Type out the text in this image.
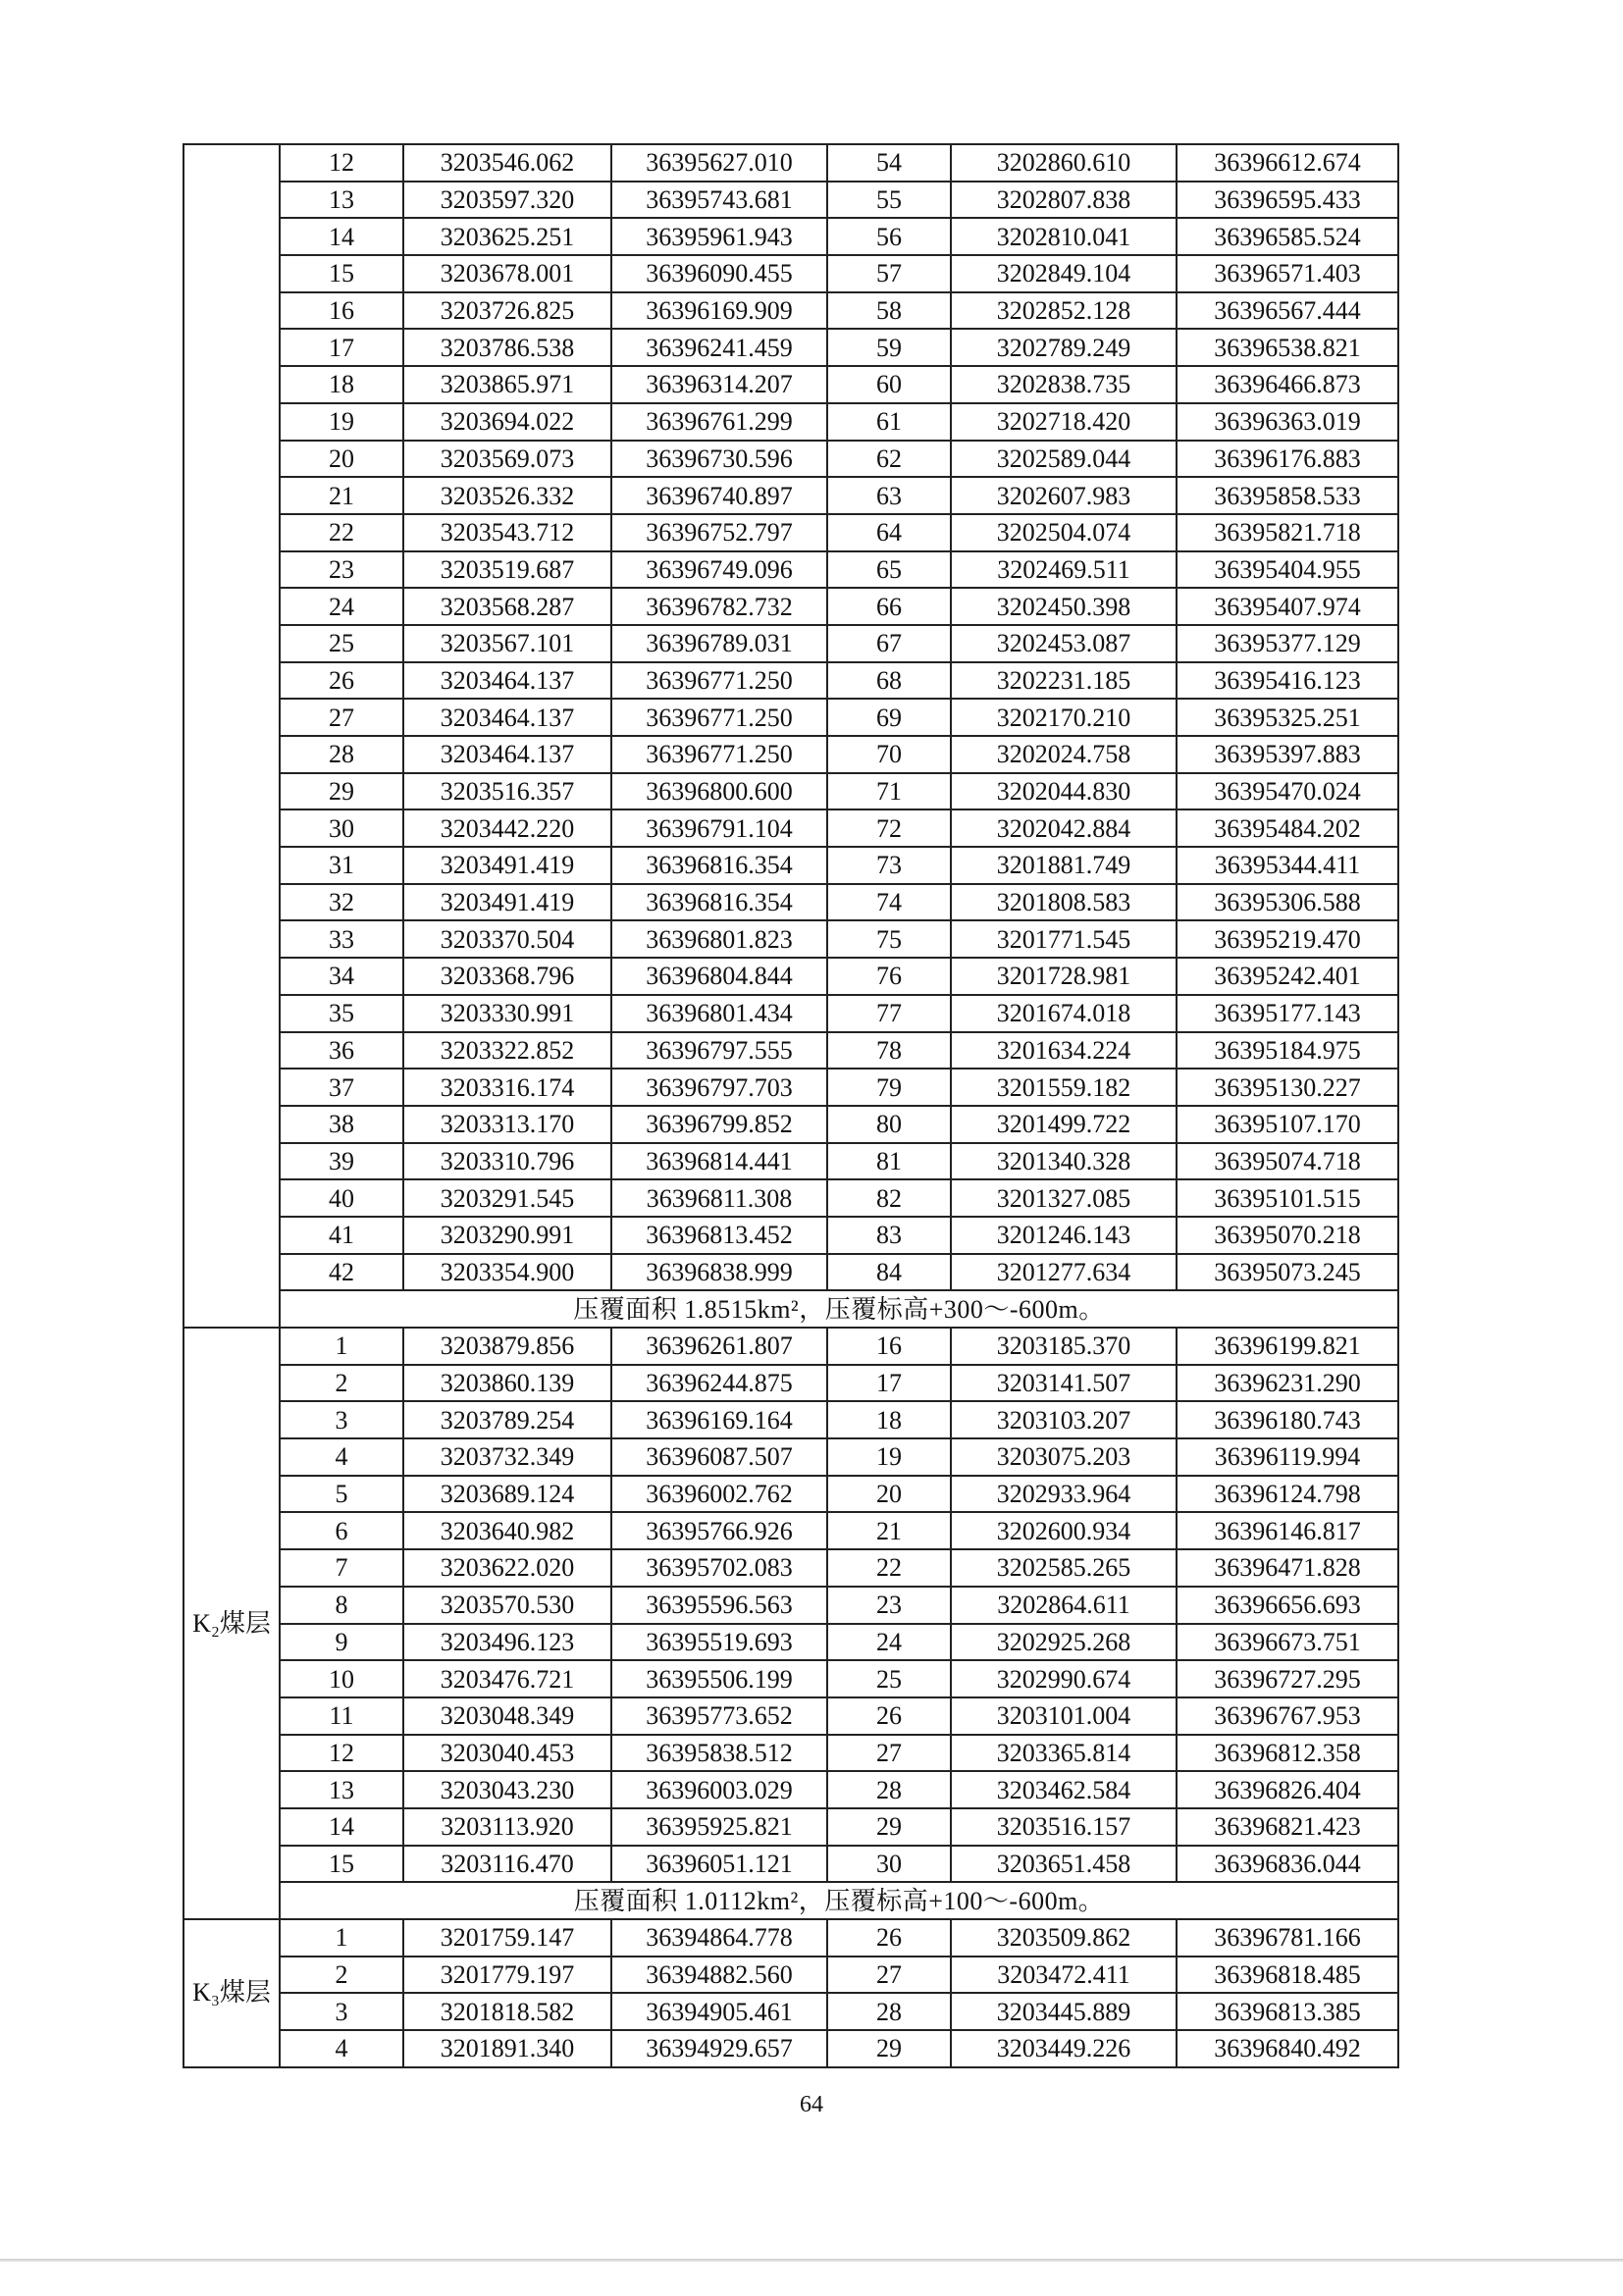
	12	3203546.062	36395627.010	54	3202860.610	36396612.674
	13	3203597.320	36395743.681	55	3202807.838	36396595.433
	14	3203625.251	36395961.943	56	3202810.041	36396585.524
	15	3203678.001	36396090.455	57	3202849.104	36396571.403
	16	3203726.825	36396169.909	58	3202852.128	36396567.444
	17	3203786.538	36396241.459	59	3202789.249	36396538.821
	18	3203865.971	36396314.207	60	3202838.735	36396466.873
	19	3203694.022	36396761.299	61	3202718.420	36396363.019
	20	3203569.073	36396730.596	62	3202589.044	36396176.883
	21	3203526.332	36396740.897	63	3202607.983	36395858.533
	22	3203543.712	36396752.797	64	3202504.074	36395821.718
	23	3203519.687	36396749.096	65	3202469.511	36395404.955
	24	3203568.287	36396782.732	66	3202450.398	36395407.974
	25	3203567.101	36396789.031	67	3202453.087	36395377.129
	26	3203464.137	36396771.250	68	3202231.185	36395416.123
	27	3203464.137	36396771.250	69	3202170.210	36395325.251
	28	3203464.137	36396771.250	70	3202024.758	36395397.883
	29	3203516.357	36396800.600	71	3202044.830	36395470.024
	30	3203442.220	36396791.104	72	3202042.884	36395484.202
	31	3203491.419	36396816.354	73	3201881.749	36395344.411
	32	3203491.419	36396816.354	74	3201808.583	36395306.588
	33	3203370.504	36396801.823	75	3201771.545	36395219.470
	34	3203368.796	36396804.844	76	3201728.981	36395242.401
	35	3203330.991	36396801.434	77	3201674.018	36395177.143
	36	3203322.852	36396797.555	78	3201634.224	36395184.975
	37	3203316.174	36396797.703	79	3201559.182	36395130.227
	38	3203313.170	36396799.852	80	3201499.722	36395107.170
	39	3203310.796	36396814.441	81	3201340.328	36395074.718
	40	3203291.545	36396811.308	82	3201327.085	36395101.515
	41	3203290.991	36396813.452	83	3201246.143	36395070.218
	42	3203354.900	36396838.999	84	3201277.634	36395073.245
	压覆面积 1.8515km²，压覆标高+300～-600m。					
K₂煤层	1	3203879.856	36396261.807	16	3203185.370	36396199.821
	2	3203860.139	36396244.875	17	3203141.507	36396231.290
	3	3203789.254	36396169.164	18	3203103.207	36396180.743
	4	3203732.349	36396087.507	19	3203075.203	36396119.994
	5	3203689.124	36396002.762	20	3202933.964	36396124.798
	6	3203640.982	36395766.926	21	3202600.934	36396146.817
	7	3203622.020	36395702.083	22	3202585.265	36396471.828
	8	3203570.530	36395596.563	23	3202864.611	36396656.693
	9	3203496.123	36395519.693	24	3202925.268	36396673.751
	10	3203476.721	36395506.199	25	3202990.674	36396727.295
	11	3203048.349	36395773.652	26	3203101.004	36396767.953
	12	3203040.453	36395838.512	27	3203365.814	36396812.358
	13	3203043.230	36396003.029	28	3203462.584	36396826.404
	14	3203113.920	36395925.821	29	3203516.157	36396821.423
	15	3203116.470	36396051.121	30	3203651.458	36396836.044
	压覆面积 1.0112km²，压覆标高+100～-600m。					
K₃煤层	1	3201759.147	36394864.778	26	3203509.862	36396781.166
	2	3201779.197	36394882.560	27	3203472.411	36396818.485
	3	3201818.582	36394905.461	28	3203445.889	36396813.385
	4	3201891.340	36394929.657	29	3203449.226	36396840.492
64
